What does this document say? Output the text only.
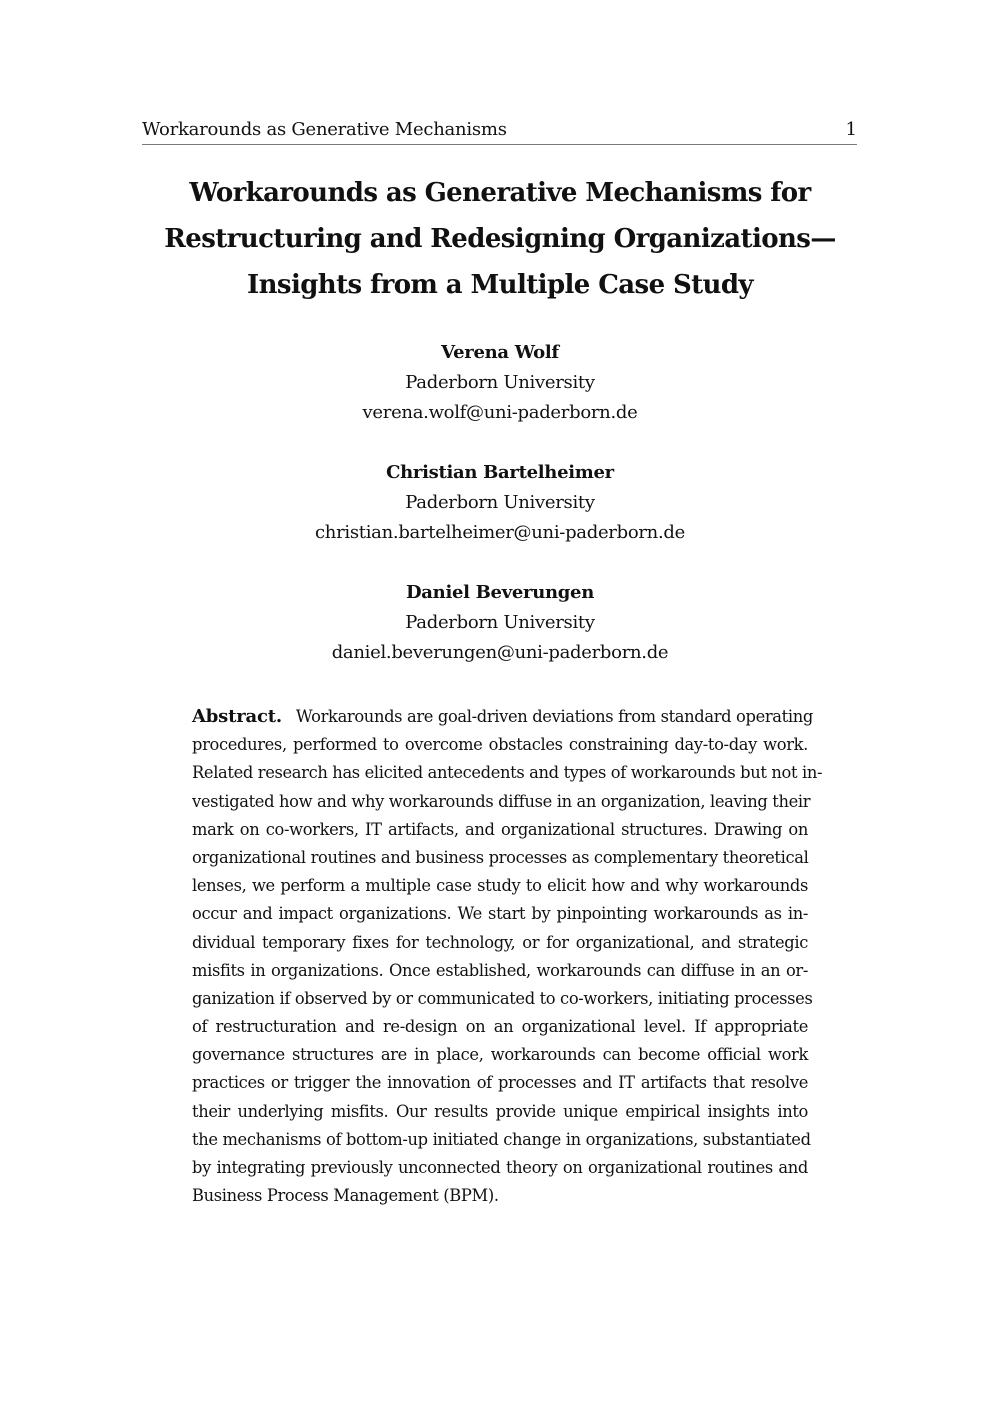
Workarounds as Generative Mechanisms	1
Workarounds as Generative Mechanisms for
Restructuring and Redesigning Organizations—
Insights from a Multiple Case Study
Verena Wolf
Paderborn University
verena.wolf@uni-paderborn.de
Christian Bartelheimer
Paderborn University
christian.bartelheimer@uni-paderborn.de
Daniel Beverungen
Paderborn University
daniel.beverungen@uni-paderborn.de
Abstract. Workarounds are goal-driven deviations from standard operating
procedures, performed to overcome obstacles constraining day-to-day work.
Related research has elicited antecedents and types of workarounds but not in-
vestigated how and why workarounds diffuse in an organization, leaving their
mark on co-workers, IT artifacts, and organizational structures. Drawing on
organizational routines and business processes as complementary theoretical
lenses, we perform a multiple case study to elicit how and why workarounds
occur and impact organizations. We start by pinpointing workarounds as in-
dividual temporary fixes for technology, or for organizational, and strategic
misfits in organizations. Once established, workarounds can diffuse in an or-
ganization if observed by or communicated to co-workers, initiating processes
of restructuration and re-design on an organizational level. If appropriate
governance structures are in place, workarounds can become official work
practices or trigger the innovation of processes and IT artifacts that resolve
their underlying misfits. Our results provide unique empirical insights into
the mechanisms of bottom-up initiated change in organizations, substantiated
by integrating previously unconnected theory on organizational routines and
Business Process Management (BPM).
